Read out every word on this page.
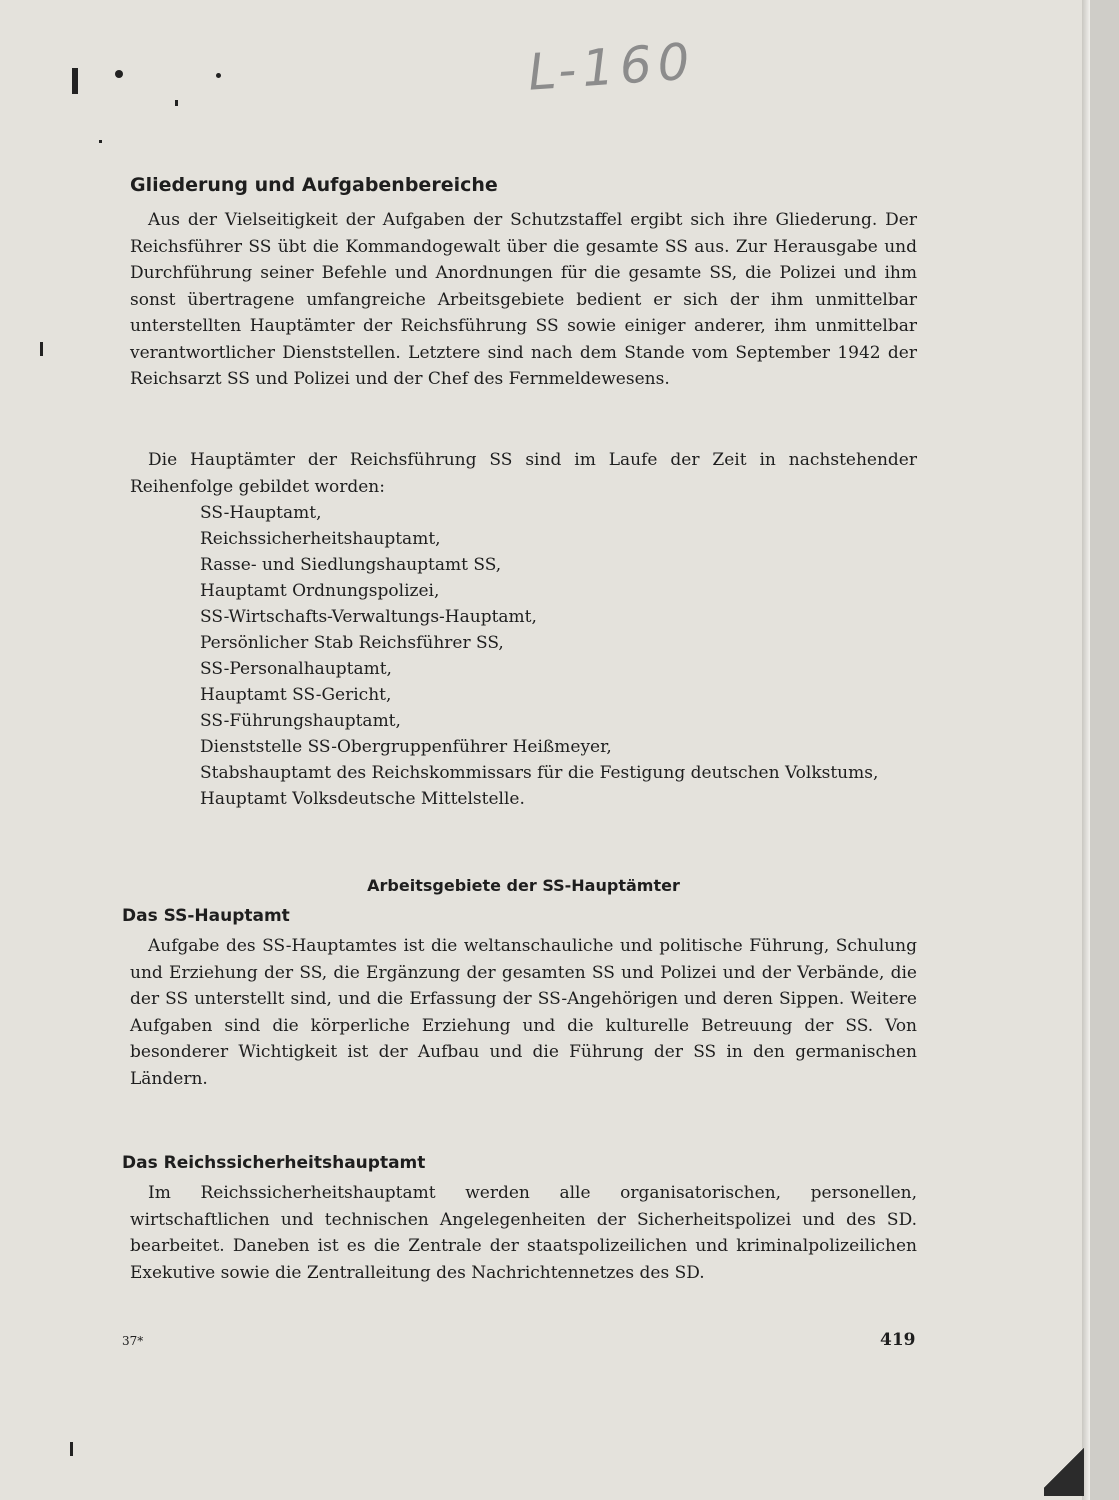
L-160
Gliederung und Aufgabenbereiche

Aus der Vielseitigkeit der Aufgaben der Schutzstaffel ergibt sich ihre Gliederung. Der Reichsführer SS übt die Kommandogewalt über die gesamte SS aus. Zur Herausgabe und Durchführung seiner Befehle und Anordnungen für die gesamte SS, die Polizei und ihm sonst übertragene umfangreiche Arbeitsgebiete bedient er sich der ihm unmittelbar unterstellten Hauptämter der Reichsführung SS sowie einiger anderer, ihm unmittelbar verantwortlicher Dienststellen. Letztere sind nach dem Stande vom September 1942 der Reichsarzt SS und Polizei und der Chef des Fernmeldewesens.

Die Hauptämter der Reichsführung SS sind im Laufe der Zeit in nachstehender Reihenfolge gebildet worden:

SS-Hauptamt,
Reichssicherheitshauptamt,
Rasse- und Siedlungshauptamt SS,
Hauptamt Ordnungspolizei,
SS-Wirtschafts-Verwaltungs-Hauptamt,
Persönlicher Stab Reichsführer SS,
SS-Personalhauptamt,
Hauptamt SS-Gericht,
SS-Führungshauptamt,
Dienststelle SS-Obergruppenführer Heißmeyer,
Stabshauptamt des Reichskommissars für die Festigung deutschen Volkstums,
Hauptamt Volksdeutsche Mittelstelle.
Arbeitsgebiete der SS-Hauptämter
Das SS-Hauptamt

Aufgabe des SS-Hauptamtes ist die weltanschauliche und politische Führung, Schulung und Erziehung der SS, die Ergänzung der gesamten SS und Polizei und der Verbände, die der SS unterstellt sind, und die Erfassung der SS-Angehörigen und deren Sippen. Weitere Aufgaben sind die körperliche Erziehung und die kulturelle Betreuung der SS. Von besonderer Wichtigkeit ist der Aufbau und die Führung der SS in den germanischen Ländern.

Das Reichssicherheitshauptamt

Im Reichssicherheitshauptamt werden alle organisatorischen, personellen, wirtschaftlichen und technischen Angelegenheiten der Sicherheitspolizei und des SD. bearbeitet. Daneben ist es die Zentrale der staatspolizeilichen und kriminalpolizeilichen Exekutive sowie die Zentralleitung des Nachrichtennetzes des SD.

37*	419
